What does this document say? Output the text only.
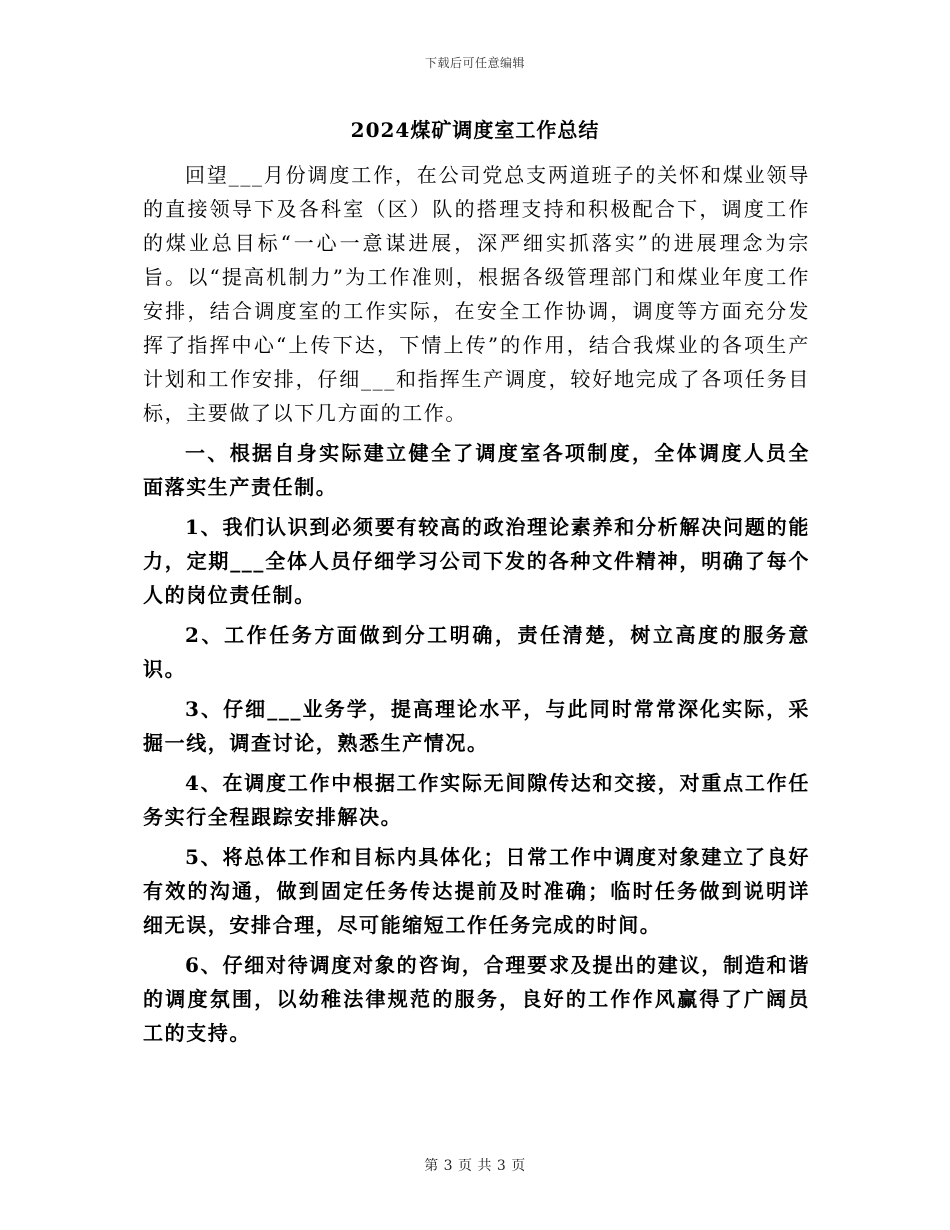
下载后可任意编辑
2024煤矿调度室工作总结

回望___月份调度工作，在公司党总支两道班子的关怀和煤业领导的直接领导下及各科室（区）队的搭理支持和积极配合下，调度工作的煤业总目标“一心一意谋进展，深严细实抓落实”的进展理念为宗旨。以“提高机制力”为工作准则，根据各级管理部门和煤业年度工作安排，结合调度室的工作实际，在安全工作协调，调度等方面充分发挥了指挥中心“上传下达，下情上传”的作用，结合我煤业的各项生产计划和工作安排，仔细___和指挥生产调度，较好地完成了各项任务目标，主要做了以下几方面的工作。

一、根据自身实际建立健全了调度室各项制度，全体调度人员全面落实生产责任制。

1、我们认识到必须要有较高的政治理论素养和分析解决问题的能力，定期___全体人员仔细学习公司下发的各种文件精神，明确了每个人的岗位责任制。

2、工作任务方面做到分工明确，责任清楚，树立高度的服务意识。

3、仔细___业务学，提高理论水平，与此同时常常深化实际，采掘一线，调查讨论，熟悉生产情况。

4、在调度工作中根据工作实际无间隙传达和交接，对重点工作任务实行全程跟踪安排解决。

5、将总体工作和目标内具体化；日常工作中调度对象建立了良好有效的沟通，做到固定任务传达提前及时准确；临时任务做到说明详细无误，安排合理，尽可能缩短工作任务完成的时间。

6、仔细对待调度对象的咨询，合理要求及提出的建议，制造和谐的调度氛围，以幼稚法律规范的服务，良好的工作作风赢得了广阔员工的支持。

第 3 页 共 3 页
